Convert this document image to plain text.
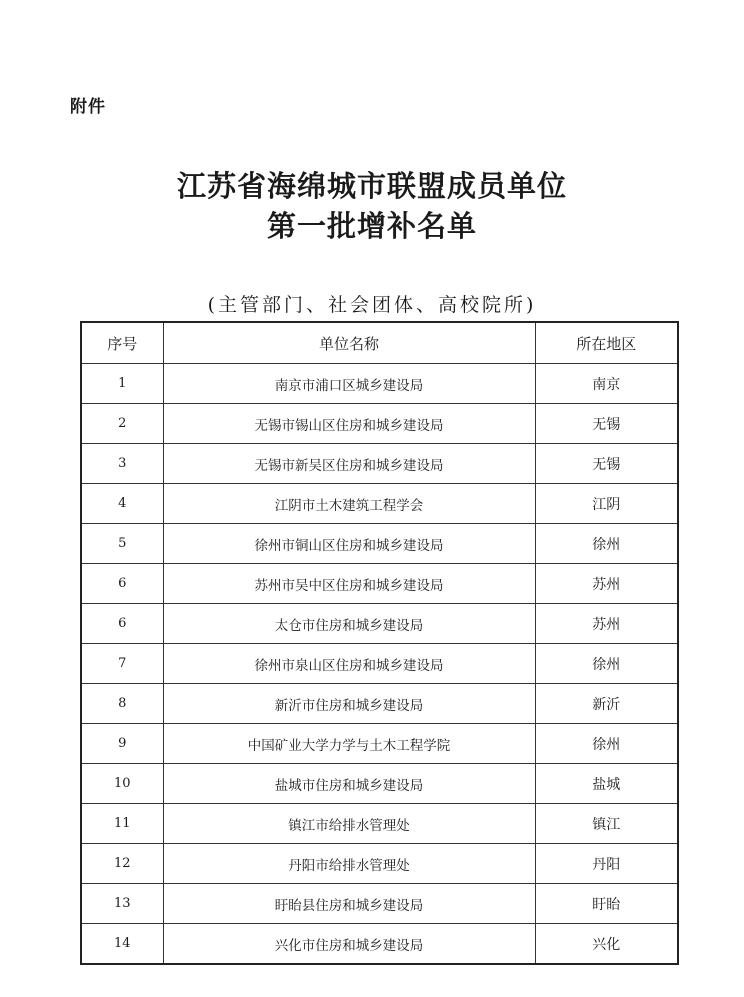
附件
江苏省海绵城市联盟成员单位
第一批增补名单
(主管部门、社会团体、高校院所)
序号	单位名称	所在地区
1	南京市浦口区城乡建设局	南京
2	无锡市锡山区住房和城乡建设局	无锡
3	无锡市新吴区住房和城乡建设局	无锡
4	江阴市土木建筑工程学会	江阴
5	徐州市铜山区住房和城乡建设局	徐州
6	苏州市吴中区住房和城乡建设局	苏州
6	太仓市住房和城乡建设局	苏州
7	徐州市泉山区住房和城乡建设局	徐州
8	新沂市住房和城乡建设局	新沂
9	中国矿业大学力学与土木工程学院	徐州
10	盐城市住房和城乡建设局	盐城
11	镇江市给排水管理处	镇江
12	丹阳市给排水管理处	丹阳
13	盱眙县住房和城乡建设局	盱眙
14	兴化市住房和城乡建设局	兴化
